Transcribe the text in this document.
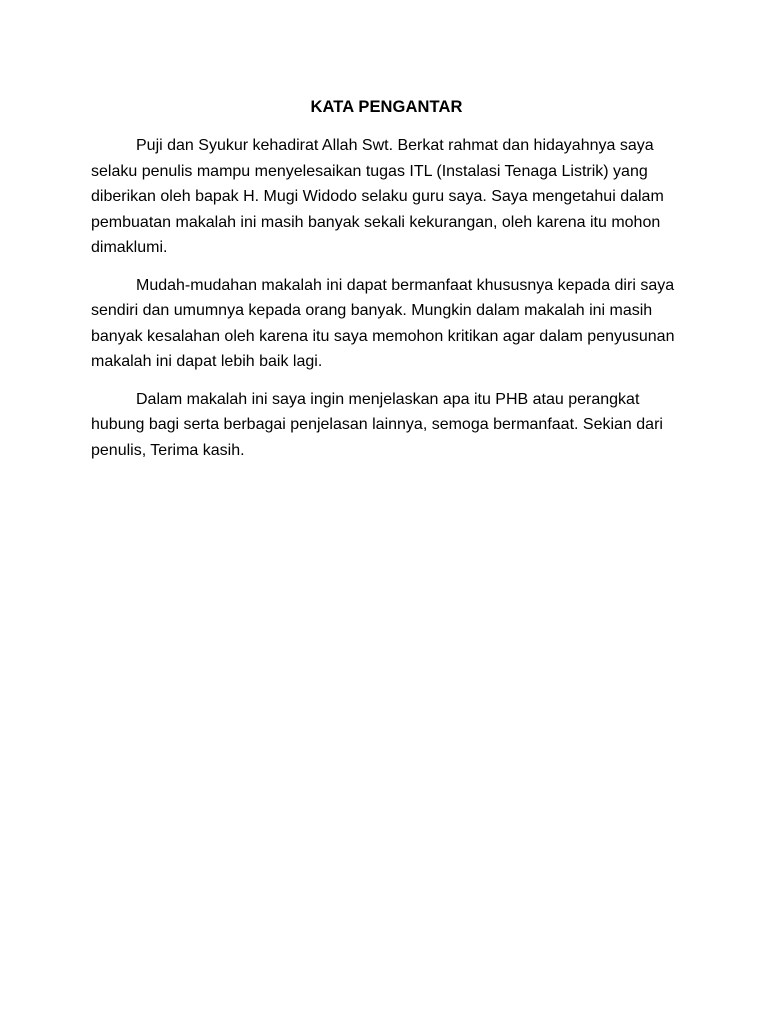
KATA PENGANTAR

Puji dan Syukur kehadirat Allah Swt. Berkat rahmat dan hidayahnya saya selaku penulis mampu menyelesaikan tugas ITL (Instalasi Tenaga Listrik) yang diberikan oleh bapak H. Mugi Widodo selaku guru saya. Saya mengetahui dalam pembuatan makalah ini masih banyak sekali kekurangan, oleh karena itu mohon dimaklumi.

Mudah-mudahan makalah ini dapat bermanfaat khususnya kepada diri saya sendiri dan umumnya kepada orang banyak. Mungkin dalam makalah ini masih banyak kesalahan oleh karena itu saya memohon kritikan agar dalam penyusunan makalah ini dapat lebih baik lagi.

Dalam makalah ini saya ingin menjelaskan apa itu PHB atau perangkat hubung bagi serta berbagai penjelasan lainnya, semoga bermanfaat. Sekian dari penulis, Terima kasih.
